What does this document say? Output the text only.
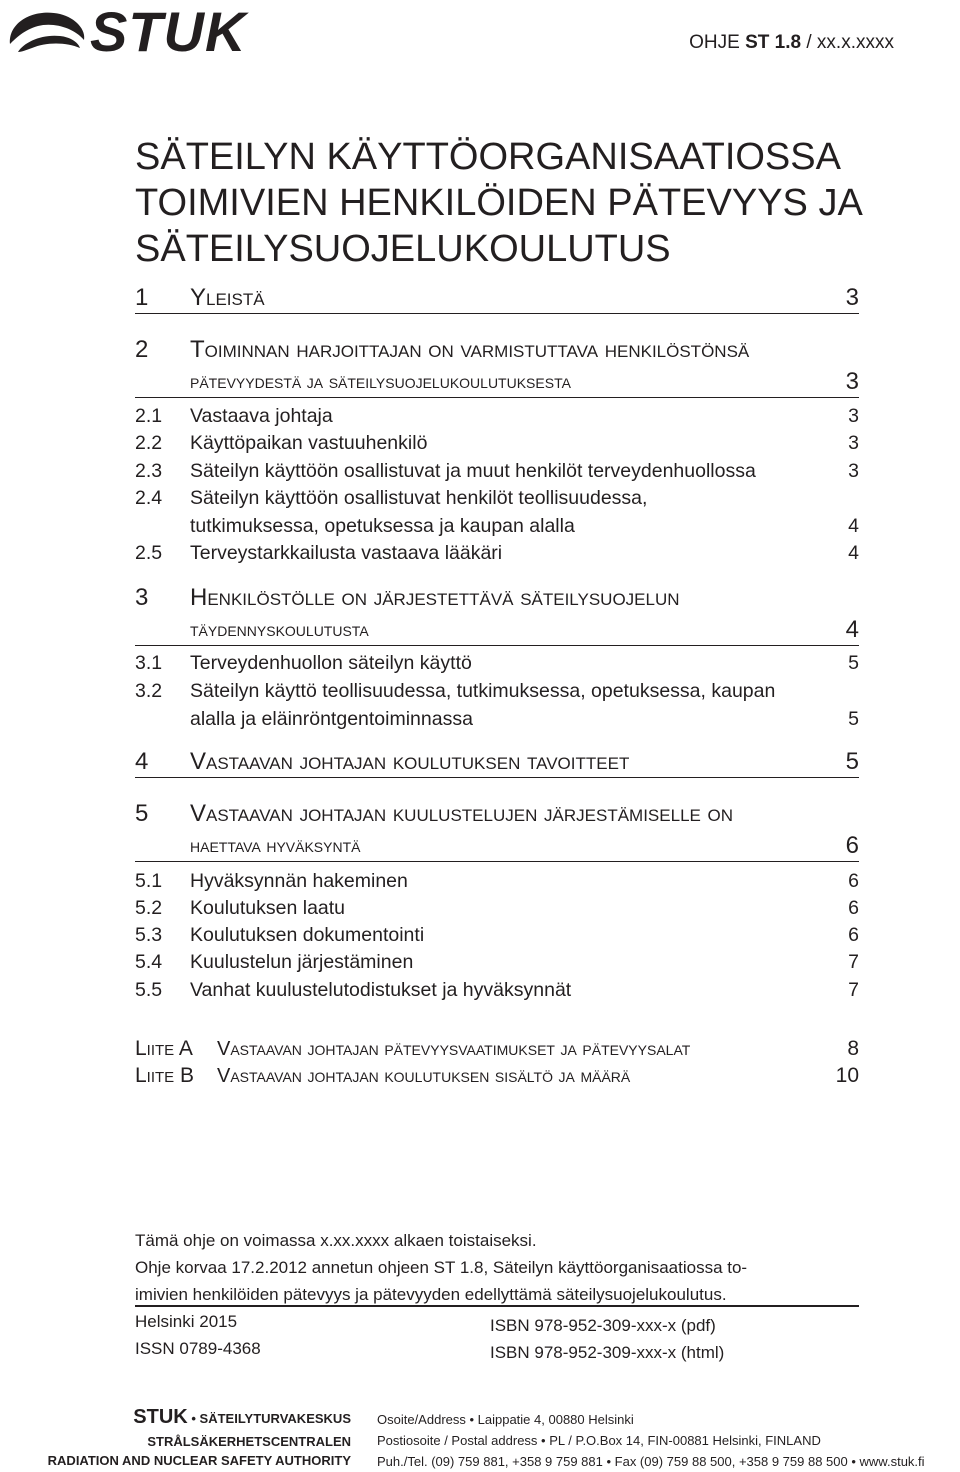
STUK	OHJE ST 1.8 / xx.x.xxxx
SÄTEILYN KÄYTTÖORGANISAATIOSSA
TOIMIVIEN HENKILÖIDEN PÄTEVYYS JA
SÄTEILYSUOJELUKOULUTUS
1 Yleistä	3
2 Toiminnan harjoittajan on varmistuttava henkilöstönsä
pätevyydestä ja säteilysuojelukoulutuksesta	3
2.1 Vastaava johtaja	3
2.2 Käyttöpaikan vastuuhenkilö	3
2.3 Säteilyn käyttöön osallistuvat ja muut henkilöt terveydenhuollossa	3
2.4 Säteilyn käyttöön osallistuvat henkilöt teollisuudessa,
tutkimuksessa, opetuksessa ja kaupan alalla	4
2.5 Terveystarkkailusta vastaava lääkäri	4
3 Henkilöstölle on järjestettävä säteilysuojelun
täydennyskoulutusta	4
3.1 Terveydenhuollon säteilyn käyttö	5
3.2 Säteilyn käyttö teollisuudessa, tutkimuksessa, opetuksessa, kaupan
alalla ja eläinröntgentoiminnassa	5
4 Vastaavan johtajan koulutuksen tavoitteet	5
5 Vastaavan johtajan kuulustelujen järjestämiselle on
haettava hyväksyntä	6
5.1 Hyväksynnän hakeminen	6
5.2 Koulutuksen laatu	6
5.3 Koulutuksen dokumentointi	6
5.4 Kuulustelun järjestäminen	7
5.5 Vanhat kuulustelutodistukset ja hyväksynnät	7
Liite A Vastaavan johtajan pätevyysvaatimukset ja pätevyysalat	8
Liite B Vastaavan johtajan koulutuksen sisältö ja määrä	10
Tämä ohje on voimassa x.xx.xxxx alkaen toistaiseksi.
Ohje korvaa 17.2.2012 annetun ohjeen ST 1.8, Säteilyn käyttöorganisaatiossa to-
imivien henkilöiden pätevyys ja pätevyyden edellyttämä säteilysuojelukoulutus.
Helsinki 2015
ISSN 0789-4368
ISBN 978-952-309-xxx-x (pdf)
ISBN 978-952-309-xxx-x (html)
STUK • SÄTEILYTURVAKESKUS
STRÅLSÄKERHETSCENTRALEN
RADIATION AND NUCLEAR SAFETY AUTHORITY
Osoite/Address • Laippatie 4, 00880 Helsinki
Postiosoite / Postal address • PL / P.O.Box 14, FIN-00881 Helsinki, FINLAND
Puh./Tel. (09) 759 881, +358 9 759 881 • Fax (09) 759 88 500, +358 9 759 88 500 • www.stuk.fi
